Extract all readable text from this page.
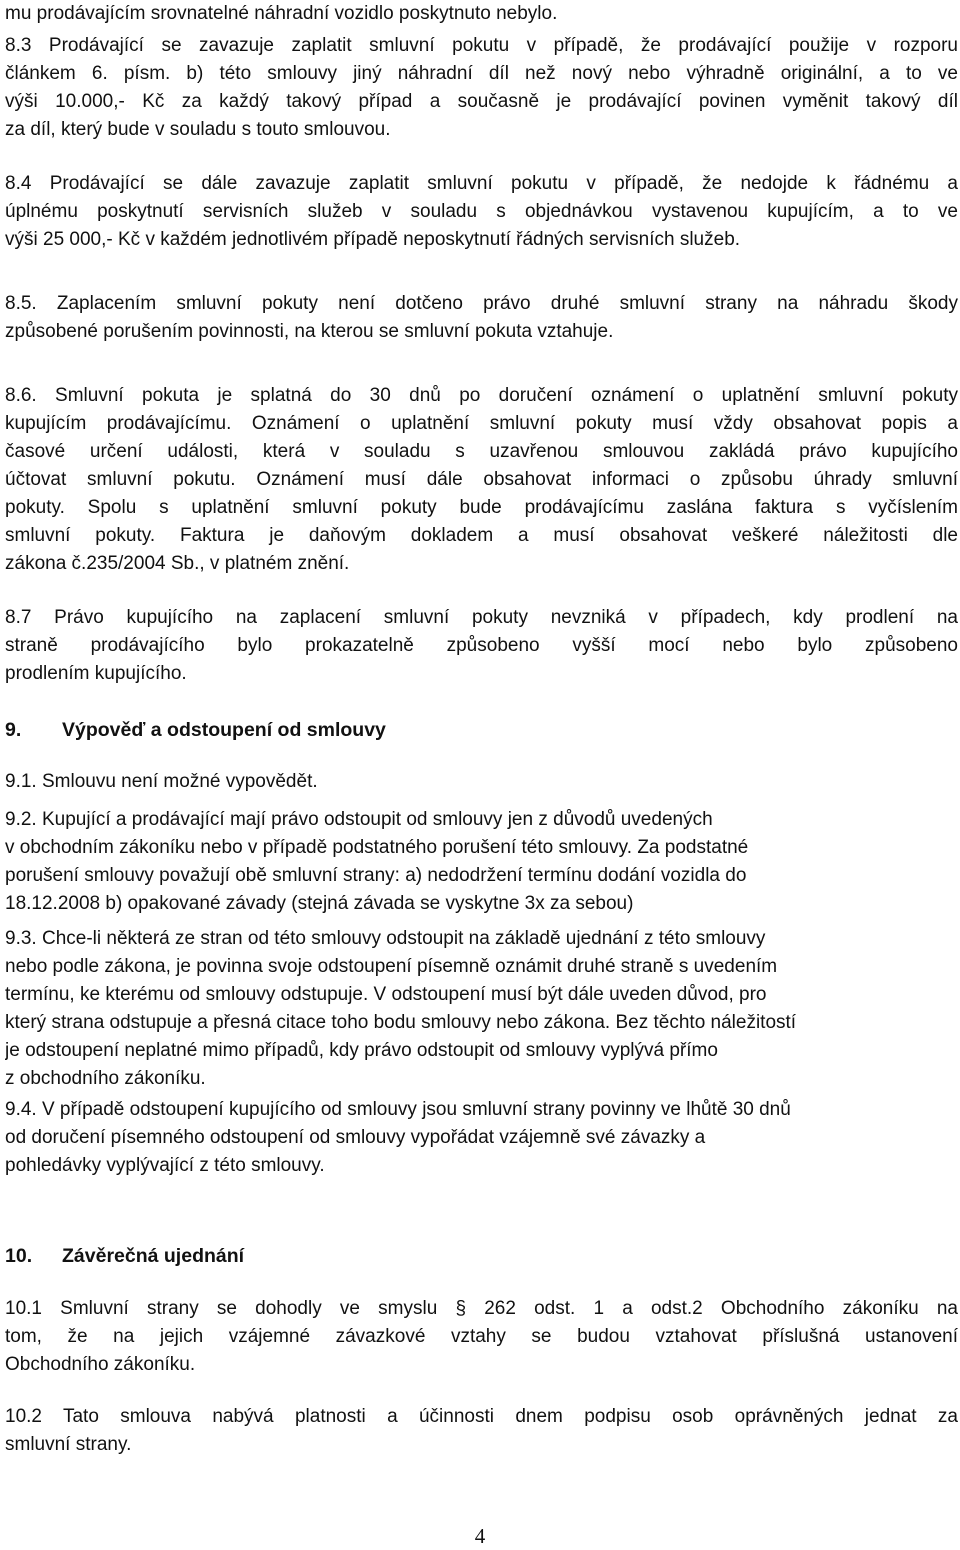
mu prodávajícím srovnatelné náhradní vozidlo poskytnuto nebylo.
8.3 Prodávající se zavazuje zaplatit smluvní pokutu v případě, že prodávající použije v rozporu
článkem 6. písm. b) této smlouvy jiný náhradní díl než nový nebo výhradně originální, a to ve
výši 10.000,- Kč za každý takový případ a současně je prodávající povinen vyměnit takový díl
za díl, který bude v souladu s touto smlouvou.
8.4 Prodávající se dále zavazuje zaplatit smluvní pokutu v případě, že nedojde k řádnému a
úplnému poskytnutí servisních služeb v souladu s objednávkou vystavenou kupujícím, a to ve
výši 25 000,- Kč v každém jednotlivém případě neposkytnutí řádných servisních služeb.
8.5. Zaplacením smluvní pokuty není dotčeno právo druhé smluvní strany na náhradu škody
způsobené porušením povinnosti, na kterou se smluvní pokuta vztahuje.
8.6. Smluvní pokuta je splatná do 30 dnů po doručení oznámení o uplatnění smluvní pokuty
kupujícím prodávajícímu. Oznámení o uplatnění smluvní pokuty musí vždy obsahovat popis a
časové určení události, která v souladu s uzavřenou smlouvou zakládá právo kupujícího
účtovat smluvní pokutu. Oznámení musí dále obsahovat informaci o způsobu úhrady smluvní
pokuty. Spolu s uplatnění smluvní pokuty bude prodávajícímu zaslána faktura s vyčíslením
smluvní pokuty. Faktura je daňovým dokladem a musí obsahovat veškeré náležitosti dle
zákona č.235/2004 Sb., v platném znění.
8.7 Právo kupujícího na zaplacení smluvní pokuty nevzniká v případech, kdy prodlení na
straně prodávajícího bylo prokazatelně způsobeno vyšší mocí nebo bylo způsobeno
prodlením kupujícího.
9. Výpověď a odstoupení od smlouvy
9.1. Smlouvu není možné vypovědět.
9.2. Kupující a prodávající mají právo odstoupit od smlouvy jen z důvodů uvedených
v obchodním zákoníku nebo v případě podstatného porušení této smlouvy. Za podstatné
porušení smlouvy považují obě smluvní strany: a) nedodržení termínu dodání vozidla do
18.12.2008 b) opakované závady (stejná závada se vyskytne 3x za sebou)
9.3. Chce-li některá ze stran od této smlouvy odstoupit na základě ujednání z této smlouvy
nebo podle zákona, je povinna svoje odstoupení písemně oznámit druhé straně s uvedením
termínu, ke kterému od smlouvy odstupuje. V odstoupení musí být dále uveden důvod, pro
který strana odstupuje a přesná citace toho bodu smlouvy nebo zákona. Bez těchto náležitostí
je odstoupení neplatné mimo případů, kdy právo odstoupit od smlouvy vyplývá přímo
z obchodního zákoníku.
9.4. V případě odstoupení kupujícího od smlouvy jsou smluvní strany povinny ve lhůtě 30 dnů
od doručení písemného odstoupení od smlouvy vypořádat vzájemně své závazky a
pohledávky vyplývající z této smlouvy.
10. Závěrečná ujednání
10.1 Smluvní strany se dohodly ve smyslu § 262 odst. 1 a odst.2 Obchodního zákoníku na
tom, že na jejich vzájemné závazkové vztahy se budou vztahovat příslušná ustanovení
Obchodního zákoníku.
10.2 Tato smlouva nabývá platnosti a účinnosti dnem podpisu osob oprávněných jednat za
smluvní strany.
4
